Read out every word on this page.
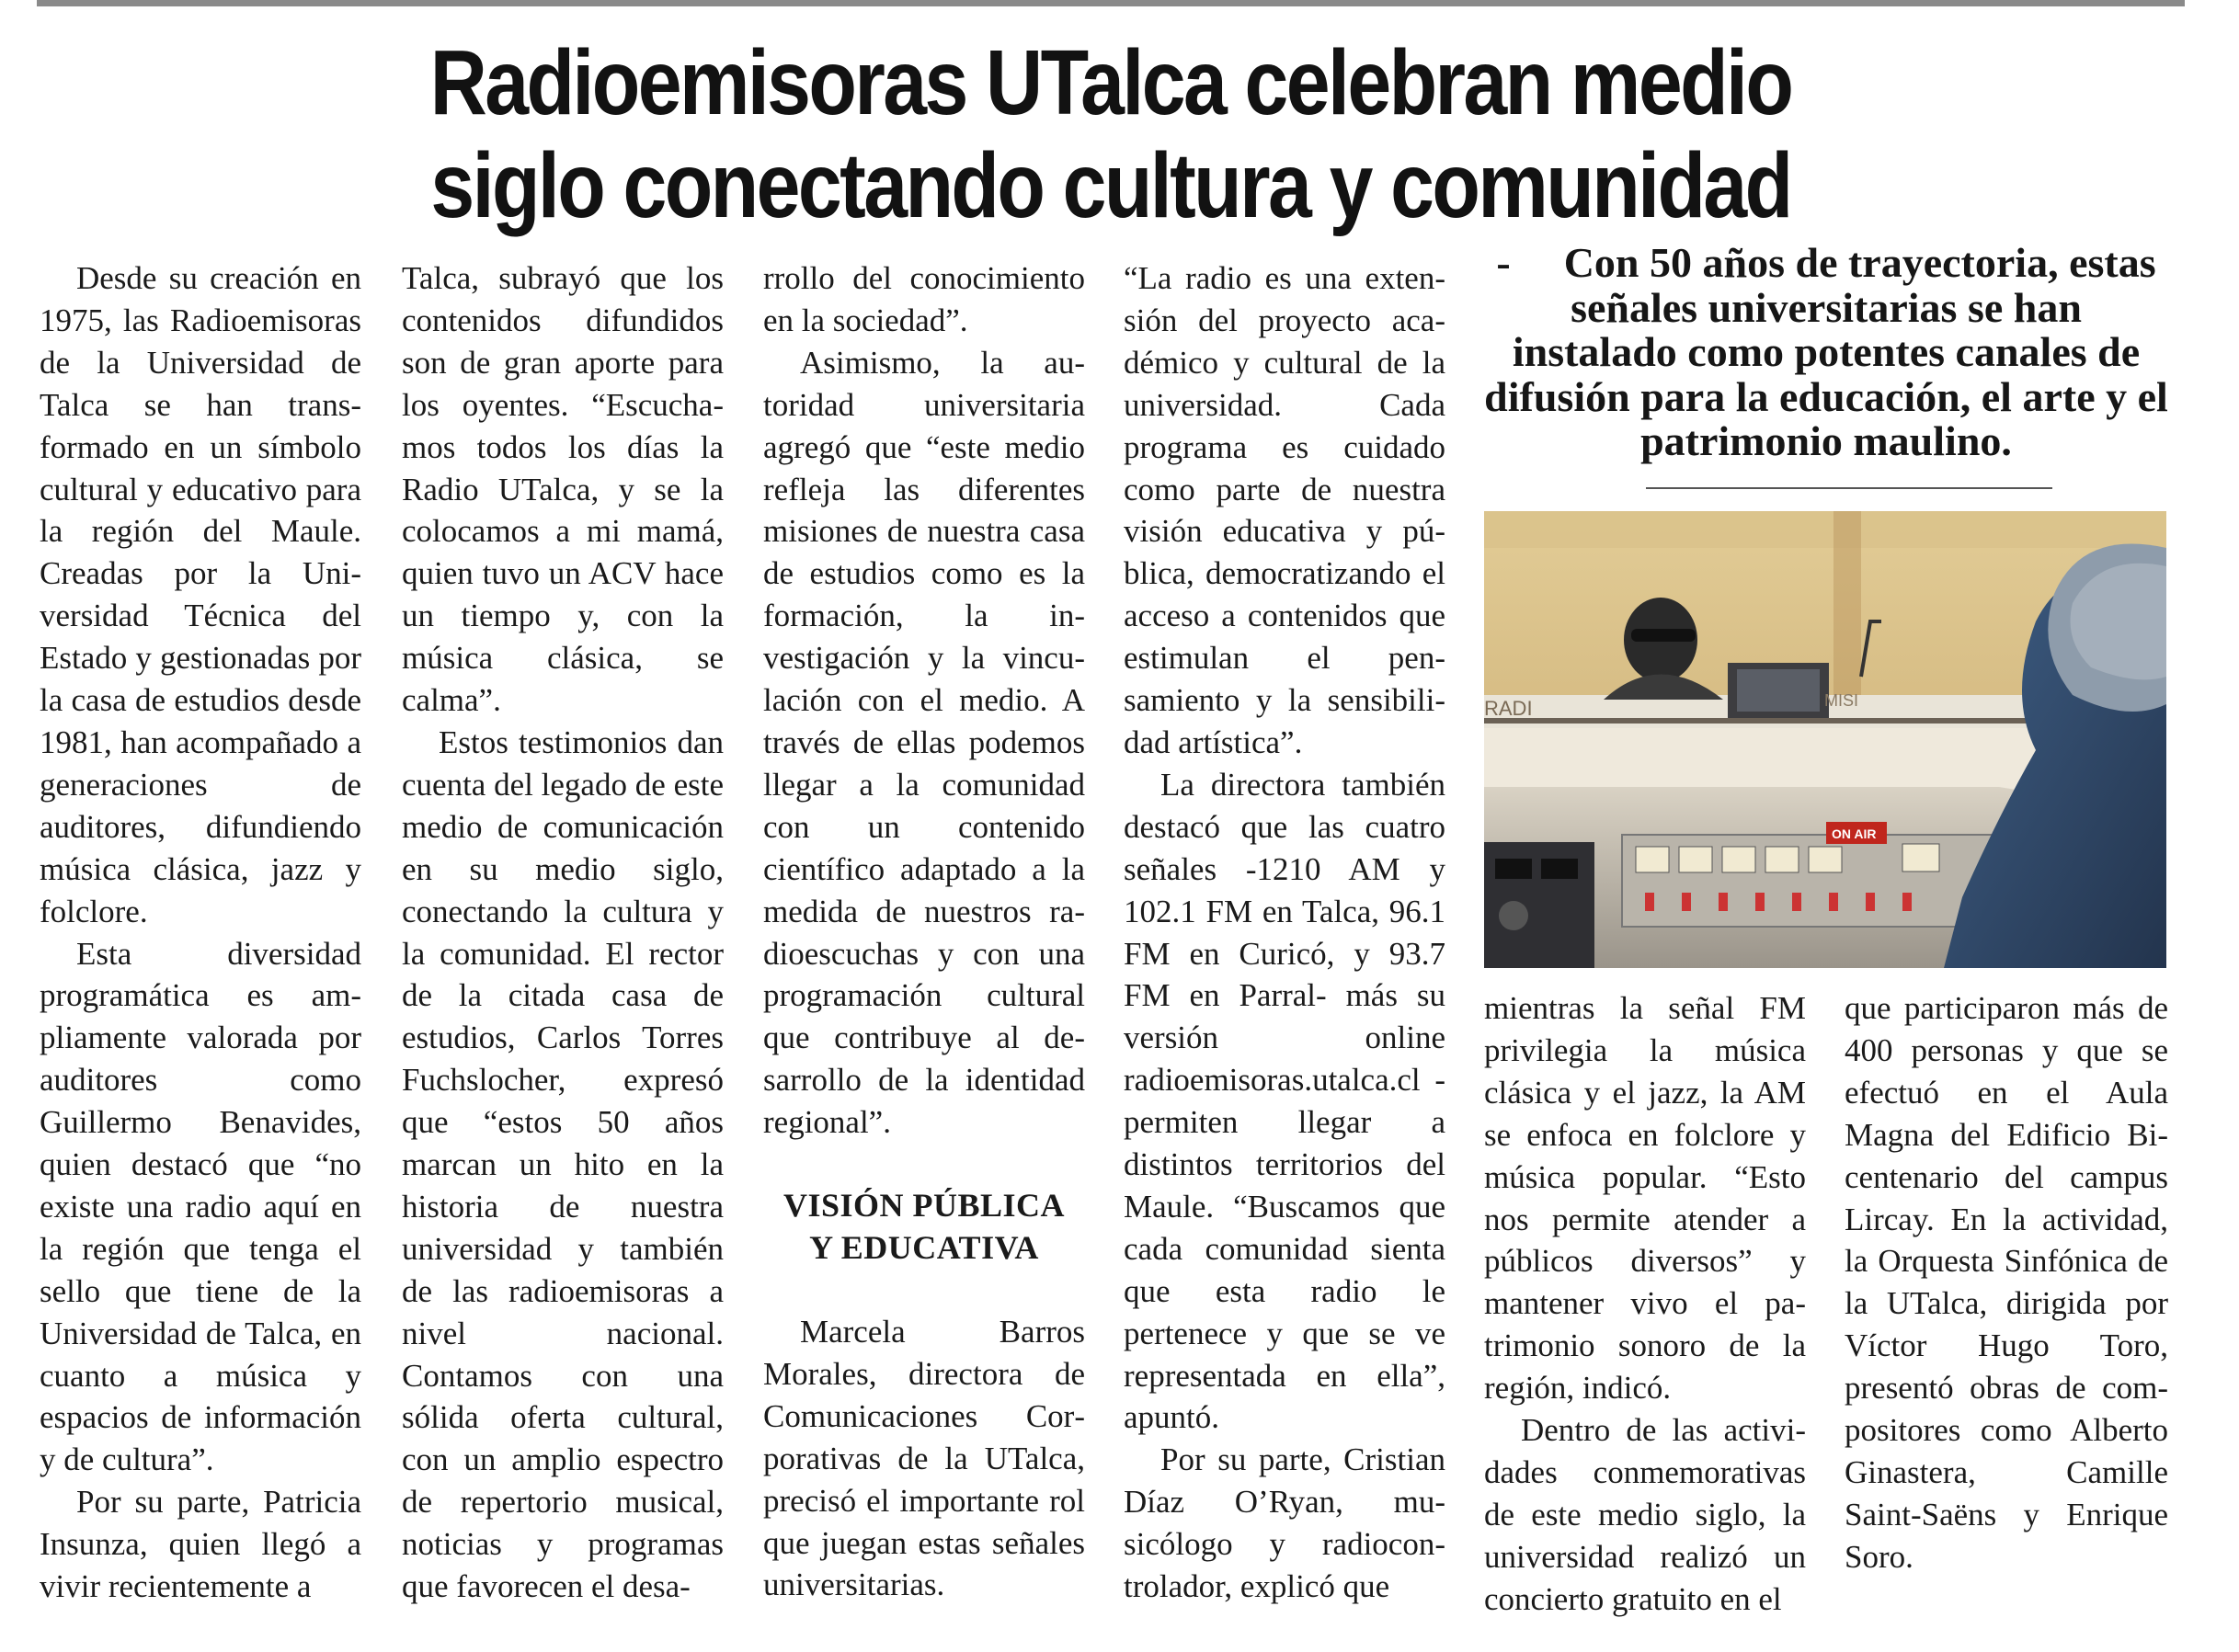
Radioemisoras UTalca celebran medio
siglo conectando cultura y comunidad

Desde su creación en 1975, las Radioemisoras de la Universidad de Talca se han transformado en un símbolo cultural y educativo para la región del Maule. Creadas por la Universidad Técnica del Estado y gestionadas por la casa de estudios desde 1981, han acompañado a generaciones de auditores, difundiendo música clásica, jazz y folclore.

Esta diversidad programática es ampliamente valorada por auditores como Guillermo Benavides, quien destacó que “no existe una radio aquí en la región que tenga el sello que tiene de la Universidad de Talca, en cuanto a música y espacios de información y de cultura”.

Por su parte, Patricia Insunza, quien llegó a vivir recientemente a

Talca, subrayó que los contenidos difundidos son de gran aporte para los oyentes. “Escuchamos todos los días la Radio UTalca, y se la colocamos a mi mamá, quien tuvo un ACV hace un tiempo y, con la música clásica, se calma”.

Estos testimonios dan cuenta del legado de este medio de comunicación en su medio siglo, conectando la cultura y la comunidad. El rector de la citada casa de estudios, Carlos Torres Fuchslocher, expresó que “estos 50 años marcan un hito en la historia de nuestra universidad y también de las radioemisoras a nivel nacional. Contamos con una sólida oferta cultural, con un amplio espectro de repertorio musical, noticias y programas que favorecen el desa-

rrollo del conocimiento en la sociedad”.

Asimismo, la autoridad universitaria agregó que “este medio refleja las diferentes misiones de nuestra casa de estudios como es la formación, la investigación y la vinculación con el medio. A través de ellas podemos llegar a la comunidad con un contenido científico adaptado a la medida de nuestros radioescuchas y con una programación cultural que contribuye al desarrollo de la identidad regional”.

VISIÓN PÚBLICA
Y EDUCATIVA

Marcela Barros Morales, directora de Comunicaciones Corporativas de la UTalca, precisó el importante rol que juegan estas señales universitarias.

“La radio es una extensión del proyecto académico y cultural de la universidad. Cada programa es cuidado como parte de nuestra visión educativa y pública, democratizando el acceso a contenidos que estimulan el pensamiento y la sensibilidad artística”.

La directora también destacó que las cuatro señales -1210 AM y 102.1 FM en Talca, 96.1 FM en Curicó, y 93.7 FM en Parral- más su versión online radioemisoras.utalca.cl - permiten llegar a distintos territorios del Maule. “Buscamos que cada comunidad sienta que esta radio le pertenece y que se ve representada en ella”, apuntó.

Por su parte, Cristian Díaz O’Ryan, musicólogo y radiocontrolador, explicó que

- Con 50 años de trayectoria, estas señales universitarias se han instalado como potentes canales de difusión para la educación, el arte y el patrimonio maulino.
RADI	MISI
ON AIR

mientras la señal FM privilegia la música clásica y el jazz, la AM se enfoca en folclore y música popular. “Esto nos permite atender a públicos diversos” y mantener vivo el patrimonio sonoro de la región, indicó.

Dentro de las actividades conmemorativas de este medio siglo, la universidad realizó un concierto gratuito en el

que participaron más de 400 personas y que se efectuó en el Aula Magna del Edificio Bicentenario del campus Lircay. En la actividad, la Orquesta Sinfónica de la UTalca, dirigida por Víctor Hugo Toro, presentó obras de compositores como Alberto Ginastera, Camille Saint-Saëns y Enrique Soro.
